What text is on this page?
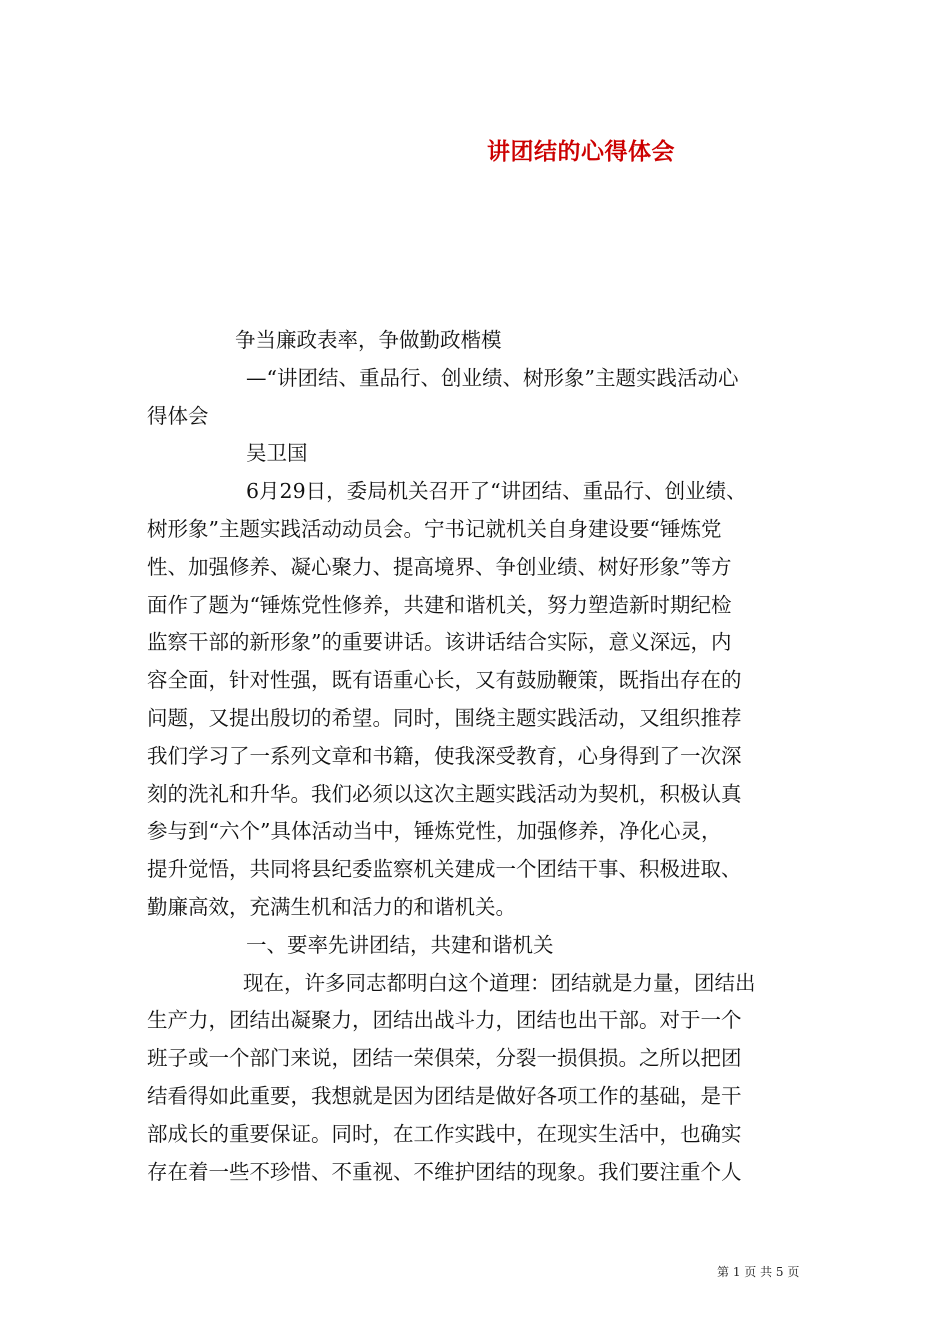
讲团结的心得体会
争当廉政表率，争做勤政楷模
—“讲团结、重品行、创业绩、树形象”主题实践活动心
得体会
吴卫国
6月29日，委局机关召开了“讲团结、重品行、创业绩、
树形象”主题实践活动动员会。宁书记就机关自身建设要“锤炼党
性、加强修养、凝心聚力、提高境界、争创业绩、树好形象”等方
面作了题为“锤炼党性修养，共建和谐机关，努力塑造新时期纪检
监察干部的新形象”的重要讲话。该讲话结合实际，意义深远，内
容全面，针对性强，既有语重心长，又有鼓励鞭策，既指出存在的
问题，又提出殷切的希望。同时，围绕主题实践活动，又组织推荐
我们学习了一系列文章和书籍，使我深受教育，心身得到了一次深
刻的洗礼和升华。我们必须以这次主题实践活动为契机，积极认真
参与到“六个”具体活动当中，锤炼党性，加强修养，净化心灵，
提升觉悟，共同将县纪委监察机关建成一个团结干事、积极进取、
勤廉高效，充满生机和活力的和谐机关。
一、要率先讲团结，共建和谐机关
现在，许多同志都明白这个道理：团结就是力量，团结出
生产力，团结出凝聚力，团结出战斗力，团结也出干部。对于一个
班子或一个部门来说，团结一荣俱荣，分裂一损俱损。之所以把团
结看得如此重要，我想就是因为团结是做好各项工作的基础，是干
部成长的重要保证。同时，在工作实践中，在现实生活中，也确实
存在着一些不珍惜、不重视、不维护团结的现象。我们要注重个人
第 1 页 共 5 页
